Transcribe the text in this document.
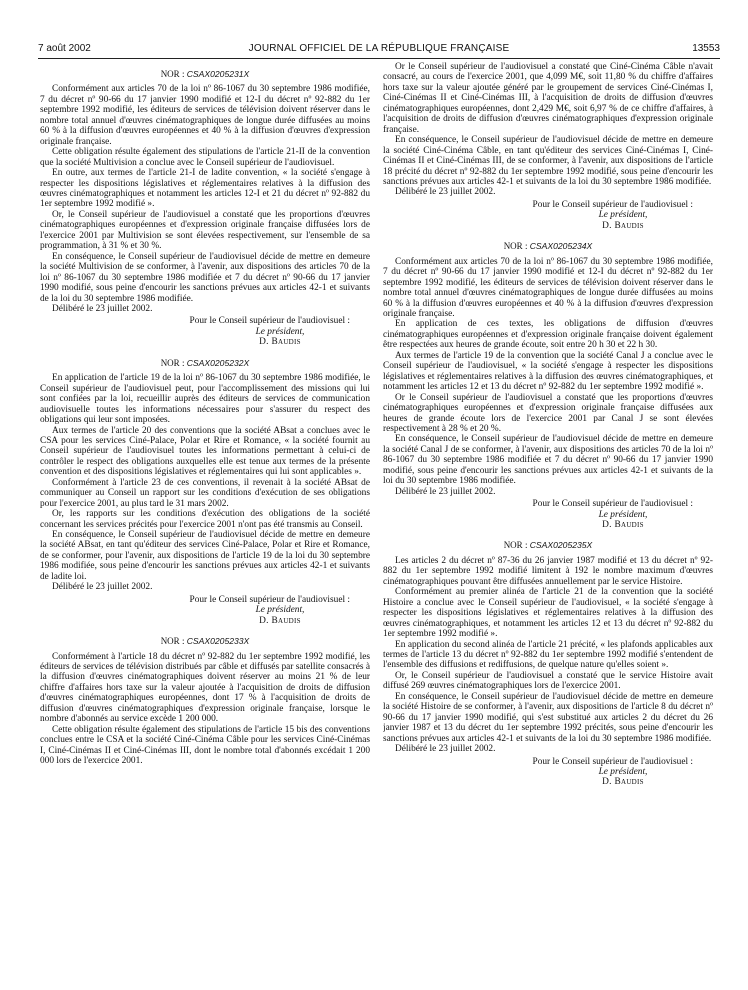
7 août 2002	JOURNAL OFFICIEL DE LA RÉPUBLIQUE FRANÇAISE	13553
NOR : CSAX0205231X

Conformément aux articles 70 de la loi nº 86-1067 du 30 septembre 1986 modifiée, 7 du décret nº 90-66 du 17 janvier 1990 modifié et 12-I du décret nº 92-882 du 1er septembre 1992 modifié, les éditeurs de services de télévision doivent réserver dans le nombre total annuel d'œuvres cinématographiques de longue durée diffusées au moins 60 % à la diffusion d'œuvres européennes et 40 % à la diffusion d'œuvres d'expression originale française.

Cette obligation résulte également des stipulations de l'article 21-II de la convention que la société Multivision a conclue avec le Conseil supérieur de l'audiovisuel.

En outre, aux termes de l'article 21-I de ladite convention, « la société s'engage à respecter les dispositions législatives et réglementaires relatives à la diffusion des œuvres cinématographiques et notamment les articles 12-I et 21 du décret nº 92-882 du 1er septembre 1992 modifié ».

Or, le Conseil supérieur de l'audiovisuel a constaté que les proportions d'œuvres cinématographiques européennes et d'expression originale française diffusées lors de l'exercice 2001 par Multivision se sont élevées respectivement, sur l'ensemble de sa programmation, à 31 % et 30 %.

En conséquence, le Conseil supérieur de l'audiovisuel décide de mettre en demeure la société Multivision de se conformer, à l'avenir, aux dispositions des articles 70 de la loi nº 86-1067 du 30 septembre 1986 modifiée et 7 du décret nº 90-66 du 17 janvier 1990 modifié, sous peine d'encourir les sanctions prévues aux articles 42-1 et suivants de la loi du 30 septembre 1986 modifiée.

Délibéré le 23 juillet 2002.

Pour le Conseil supérieur de l'audiovisuel :
Le président,
D. Baudis
NOR : CSAX0205232X

En application de l'article 19 de la loi nº 86-1067 du 30 septembre 1986 modifiée, le Conseil supérieur de l'audiovisuel peut, pour l'accomplissement des missions qui lui sont confiées par la loi, recueillir auprès des éditeurs de services de communication audiovisuelle toutes les informations nécessaires pour s'assurer du respect des obligations qui leur sont imposées.

Aux termes de l'article 20 des conventions que la société ABsat a conclues avec le CSA pour les services Ciné-Palace, Polar et Rire et Romance, « la société fournit au Conseil supérieur de l'audiovisuel toutes les informations permettant à celui-ci de contrôler le respect des obligations auxquelles elle est tenue aux termes de la présente convention et des dispositions législatives et réglementaires qui lui sont applicables ».

Conformément à l'article 23 de ces conventions, il revenait à la société ABsat de communiquer au Conseil un rapport sur les conditions d'exécution de ses obligations pour l'exercice 2001, au plus tard le 31 mars 2002.

Or, les rapports sur les conditions d'exécution des obligations de la société concernant les services précités pour l'exercice 2001 n'ont pas été transmis au Conseil.

En conséquence, le Conseil supérieur de l'audiovisuel décide de mettre en demeure la société ABsat, en tant qu'éditeur des services Ciné-Palace, Polar et Rire et Romance, de se conformer, pour l'avenir, aux dispositions de l'article 19 de la loi du 30 septembre 1986 modifiée, sous peine d'encourir les sanctions prévues aux articles 42-1 et suivants de ladite loi.

Délibéré le 23 juillet 2002.

Pour le Conseil supérieur de l'audiovisuel :
Le président,
D. Baudis
NOR : CSAX0205233X

Conformément à l'article 18 du décret nº 92-882 du 1er septembre 1992 modifié, les éditeurs de services de télévision distribués par câble et diffusés par satellite consacrés à la diffusion d'œuvres cinématographiques doivent réserver au moins 21 % de leur chiffre d'affaires hors taxe sur la valeur ajoutée à l'acquisition de droits de diffusion d'œuvres cinématographiques européennes, dont 17 % à l'acquisition de droits de diffusion d'œuvres cinématographiques d'expression originale française, lorsque le nombre d'abonnés au service excède 1 200 000.

Cette obligation résulte également des stipulations de l'article 15 bis des conventions conclues entre le CSA et la société Ciné-Cinéma Câble pour les services Ciné-Cinémas I, Ciné-Cinémas II et Ciné-Cinémas III, dont le nombre total d'abonnés excédait 1 200 000 lors de l'exercice 2001.

Or le Conseil supérieur de l'audiovisuel a constaté que Ciné-Cinéma Câble n'avait consacré, au cours de l'exercice 2001, que 4,099 M€, soit 11,80 % du chiffre d'affaires hors taxe sur la valeur ajoutée généré par le groupement de services Ciné-Cinémas I, Ciné-Cinémas II et Ciné-Cinémas III, à l'acquisition de droits de diffusion d'œuvres cinématographiques européennes, dont 2,429 M€, soit 6,97 % de ce chiffre d'affaires, à l'acquisition de droits de diffusion d'œuvres cinématographiques d'expression originale française.

En conséquence, le Conseil supérieur de l'audiovisuel décide de mettre en demeure la société Ciné-Cinéma Câble, en tant qu'éditeur des services Ciné-Cinémas I, Ciné-Cinémas II et Ciné-Cinémas III, de se conformer, à l'avenir, aux dispositions de l'article 18 précité du décret nº 92-882 du 1er septembre 1992 modifié, sous peine d'encourir les sanctions prévues aux articles 42-1 et suivants de la loi du 30 septembre 1986 modifiée.

Délibéré le 23 juillet 2002.

Pour le Conseil supérieur de l'audiovisuel :
Le président,
D. Baudis
NOR : CSAX0205234X

Conformément aux articles 70 de la loi nº 86-1067 du 30 septembre 1986 modifiée, 7 du décret nº 90-66 du 17 janvier 1990 modifié et 12-I du décret nº 92-882 du 1er septembre 1992 modifié, les éditeurs de services de télévision doivent réserver dans le nombre total annuel d'œuvres cinématographiques de longue durée diffusées au moins 60 % à la diffusion d'œuvres européennes et 40 % à la diffusion d'œuvres d'expression originale française.

En application de ces textes, les obligations de diffusion d'œuvres cinématographiques européennes et d'expression originale française doivent également être respectées aux heures de grande écoute, soit entre 20 h 30 et 22 h 30.

Aux termes de l'article 19 de la convention que la société Canal J a conclue avec le Conseil supérieur de l'audiovisuel, « la société s'engage à respecter les dispositions législatives et réglementaires relatives à la diffusion des œuvres cinématographiques, et notamment les articles 12 et 13 du décret nº 92-882 du 1er septembre 1992 modifié ».

Or le Conseil supérieur de l'audiovisuel a constaté que les proportions d'œuvres cinématographiques européennes et d'expression originale française diffusées aux heures de grande écoute lors de l'exercice 2001 par Canal J se sont élevées respectivement à 28 % et 20 %.

En conséquence, le Conseil supérieur de l'audiovisuel décide de mettre en demeure la société Canal J de se conformer, à l'avenir, aux dispositions des articles 70 de la loi nº 86-1067 du 30 septembre 1986 modifiée et 7 du décret nº 90-66 du 17 janvier 1990 modifié, sous peine d'encourir les sanctions prévues aux articles 42-1 et suivants de la loi du 30 septembre 1986 modifiée.

Délibéré le 23 juillet 2002.

Pour le Conseil supérieur de l'audiovisuel :
Le président,
D. Baudis
NOR : CSAX0205235X

Les articles 2 du décret nº 87-36 du 26 janvier 1987 modifié et 13 du décret nº 92-882 du 1er septembre 1992 modifié limitent à 192 le nombre maximum d'œuvres cinématographiques pouvant être diffusées annuellement par le service Histoire.

Conformément au premier alinéa de l'article 21 de la convention que la société Histoire a conclue avec le Conseil supérieur de l'audiovisuel, « la société s'engage à respecter les dispositions législatives et réglementaires relatives à la diffusion des œuvres cinématographiques, et notamment les articles 12 et 13 du décret nº 92-882 du 1er septembre 1992 modifié ».

En application du second alinéa de l'article 21 précité, « les plafonds applicables aux termes de l'article 13 du décret nº 92-882 du 1er septembre 1992 modifié s'entendent de l'ensemble des diffusions et rediffusions, de quelque nature qu'elles soient ».

Or, le Conseil supérieur de l'audiovisuel a constaté que le service Histoire avait diffusé 269 œuvres cinématographiques lors de l'exercice 2001.

En conséquence, le Conseil supérieur de l'audiovisuel décide de mettre en demeure la société Histoire de se conformer, à l'avenir, aux dispositions de l'article 8 du décret nº 90-66 du 17 janvier 1990 modifié, qui s'est substitué aux articles 2 du décret du 26 janvier 1987 et 13 du décret du 1er septembre 1992 précités, sous peine d'encourir les sanctions prévues aux articles 42-1 et suivants de la loi du 30 septembre 1986 modifiée.

Délibéré le 23 juillet 2002.

Pour le Conseil supérieur de l'audiovisuel :
Le président,
D. Baudis
